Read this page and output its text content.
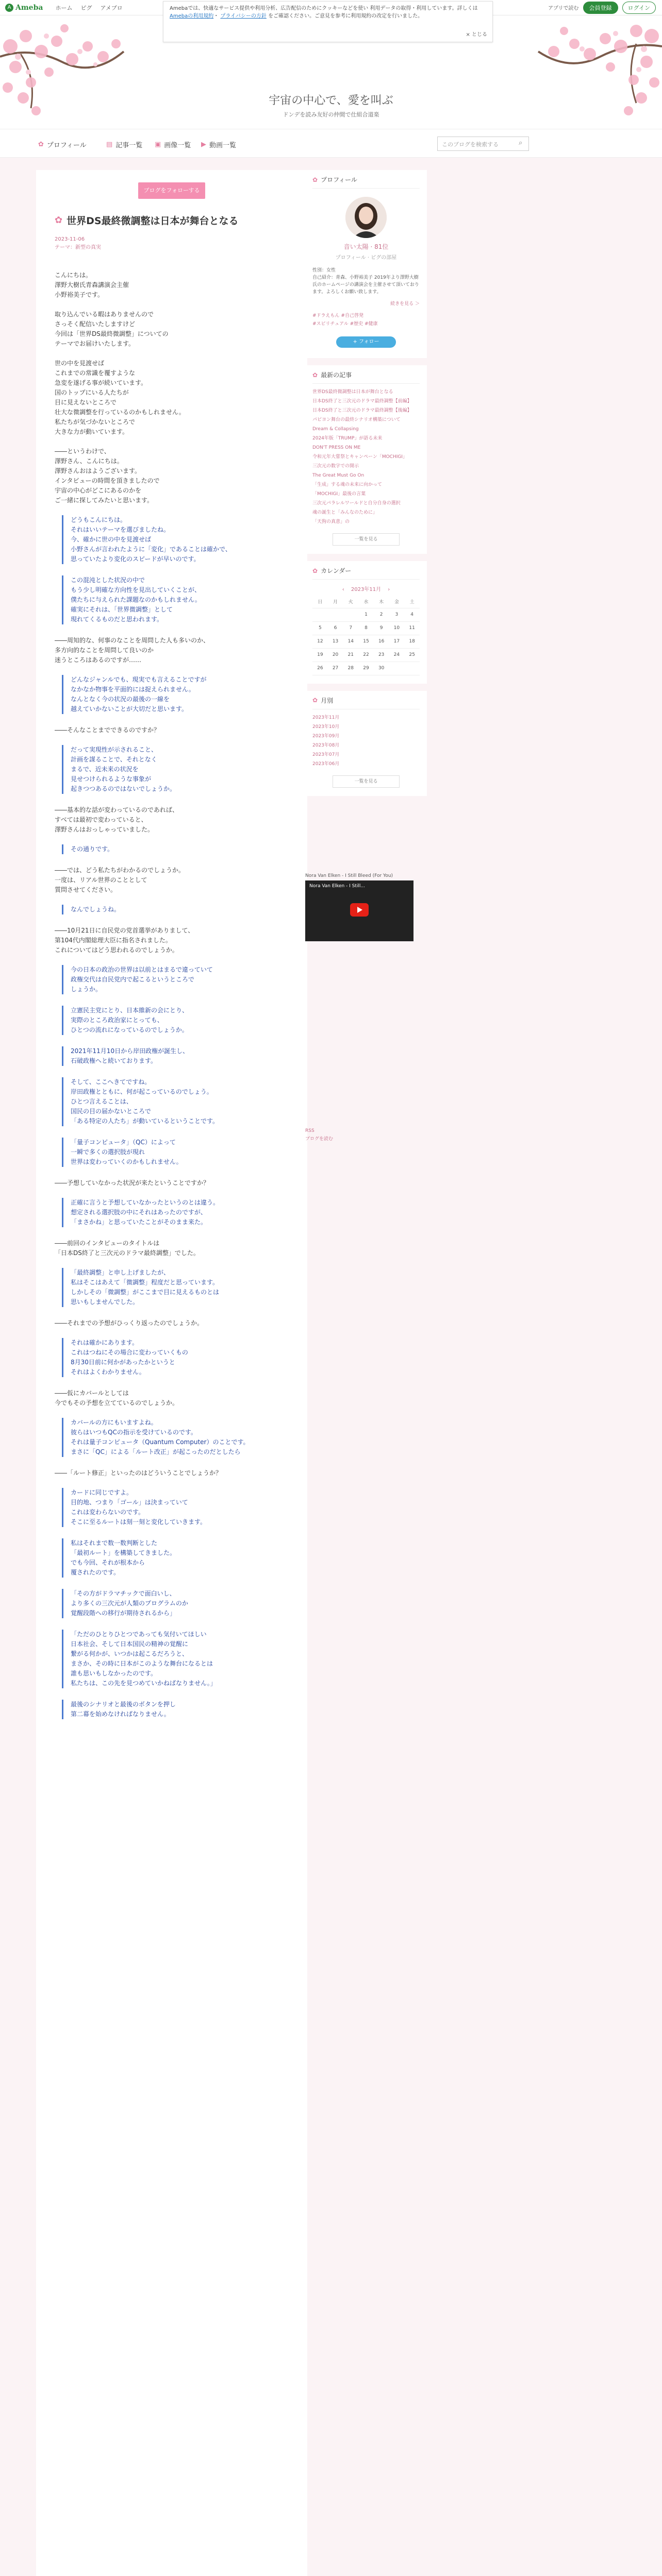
A Ameba ホーム ピグ アメブロ	アプリで読む	会員登録	ログイン
宇宙の中心で、愛を叫ぶ
ドンデを読み友好の仲間で仕組合道楽
Amebaでは、快適なサービス提供や利用分析、広告配信のためにクッキーなどを使い 利用データの取得・利用しています。詳しくは Amebaの利用規約・ プライバシーの方針 をご確認ください。ご意見を参考に利用規約の改定を行いました。
× とじる
✿ プロフィール	▤ 記事一覧 ▣ 画像一覧 ▶ 動画一覧	このブログを検索する	⌕
ブログをフォローする
✿ 世界DS最終微調整は日本が舞台となる
2023-11-06
テーマ：新型の真実

こんにちは。
澤野大樹氏青森講演会主催
小野裕美子です。

取り込んでいる暇はありませんので
さっそく配信いたしますけど
今回は「世界DS最終微調整」についての
テーマでお届けいたします。

世の中を見渡せば
これまでの常識を覆すような
急変を遂げる事が続いています。
国のトップにいる人たちが
目に見えないところで
壮大な微調整を行っているのかもしれません。
私たちが気づかないところで
大きな力が動いています。

――というわけで、
澤野さん、こんにちは。
澤野さんおはようございます。
インタビューの時間を頂きましたので
宇宙の中心がどこにあるのかを
ご一緒に探してみたいと思います。

どうもこんにちは。
それはいいテーマを選びましたね。
今、確かに世の中を見渡せば
小野さんが言われたように「変化」であることは確かで、
思っていたより変化のスピードが早いのです。
この混沌とした状況の中で
もう少し明確な方向性を見出していくことが、
僕たちに与えられた課題なのかもしれません。
確実にそれは、「世界微調整」として
現れてくるものだと思われます。

――周知的な、何事のなことを周問した人も多いのか、
多方向的なことを周問して良いのか
迷うところはあるのですが……

どんなジャンルでも、現実でも言えることですが
なかなか物事を平面的には捉えられません。
なんとなく今の状況の最後の一線を
越えていかないことが大切だと思います。

――そんなことまでできるのですか？

だって実現性が示されること、
計画を謀ることで、それとなく
まるで、近未来の状況を
見せつけられるような事象が
起きつつあるのではないでしょうか。

――基本的な話が変わっているのであれば、
すべては最初で変わっていると、
澤野さんはおっしゃっていました。

その通りです。

――では、どう私たちがわかるのでしょうか。
一度は、リアル世界のこととして
質問させてください。

なんでしょうね。

――10月21日に自民党の党首選挙がありまして、
第104代内閣総理大臣に指名されました。
これについてはどう思われるのでしょうか。

今の日本の政治の世界は以前とはまるで違っていて
政権交代は自民党内で起こるというところで
しょうか。
立憲民主党にとり、日本維新の会にとり、
実際のところ政治家にとっても、
ひとつの流れになっているのでしょうか。
2021年11月10日から岸田政権が誕生し、
石破政権へと続いております。
そして、ここへきてですね。
岸田政権とともに、何が起こっているのでしょう。
ひとつ言えることは、
国民の目の届かないところで
「ある特定の人たち」が動いているということです。
「量子コンピュータ」（QC）によって
一瞬で多くの選択肢が現れ
世界は変わっていくのかもしれません。

――予想していなかった状況が来たということですか？

正確に言うと予想していなかったというのとは違う。
想定される選択肢の中にそれはあったのですが、
「まさかね」と思っていたことがそのまま来た。

――前回のインタビューのタイトルは
「日本DS終了と三次元のドラマ最終調整」でした。

「最終調整」と申し上げましたが、
私はそこはあえて「微調整」程度だと思っています。
しかしその「微調整」がここまで目に見えるものとは
思いもしませんでした。

――それまでの予想がひっくり返ったのでしょうか。

それは確かにあります。
これはつねにその場合に変わっていくもの
8月30日前に何かがあったかというと
それはよくわかりません。

――仮にカバールとしては
今でもその予想を立てているのでしょうか。

カバールの方にもいますよね。
彼らはいつもQCの指示を受けているのです。
それは量子コンピュータ（Quantum Computer）のことです。
まさに「QC」による「ルート改正」が起こったのだとしたら

――「ルート修正」といったのはどういうことでしょうか？

カードに同じですよ。
目的地、つまり「ゴール」は決まっていて
これは変わらないのです。
そこに至るルートは刻一刻と変化していきます。
私はそれまで数一数判断とした
「最初ルート」を構築してきました。
でも今回、それが根本から
覆されたのです。
「その方がドラマチックで面白いし、
より多くの三次元が人類のプログラムのか
覚醒段階への移行が期待されるから」
「ただのひとりひとつであっても気付いてほしい
日本社会、そして日本国民の精神の覚醒に
繋がる何かが、いつかは起こるだろうと、
まさか、その時に日本がこのような舞台になるとは
誰も思いもしなかったのです。
私たちは、この先を見つめていかねばなりません。」
最後のシナリオと最後のボタンを押し
第二幕を始めなければなりません。
✿ プロフィール
音い太陽 · 81位
プロフィール · ピグの部屋
性別：女性
自己紹介：青森、小野裕美子 2019年より澤野大樹氏のホームページの講演会を主催させて頂いております。よろしくお願い致します。
続きを見る ＞
#ドラえもん #自己啓発
#スピリチュアル #歴史 #健康
+ フォロー
✿ 最新の記事
世界DS最終微調整は日本が舞台となる
日本DS終了と三次元のドラマ最終調整【前編】
日本DS終了と三次元のドラマ最終調整【後編】
パピヨン舞台の最終シナリオ構築について
Dream & Collapsing
2024年版「TRUMP」が語る未来
DON'T PRESS ON ME
令和元年大嘗祭とキャンペーン「MOCHIGI」
三次元の数字での開示
The Great Must Go On
「生成」する魂の未来に向かって
「MOCHIGI」最後の言葉
三次元パラレルワールドと自分自身の選択
魂の誕生と「みんなのために」
「天狗の真意」の
一覧を見る
✿ カレンダー
‹ 2023年11月 ›
日	月	火	水	木	金	土
			1	2	3	4
5	6	7	8	9	10	11
12	13	14	15	16	17	18
19	20	21	22	23	24	25
26	27	28	29	30		
✿ 月別
2023年11月
2023年10月
2023年09月
2023年08月
2023年07月
2023年06月
一覧を見る
Nora Van Elken - I Still Bleed (For You)
Nora Van Elken - I Still...
RSS
ブログを読む
